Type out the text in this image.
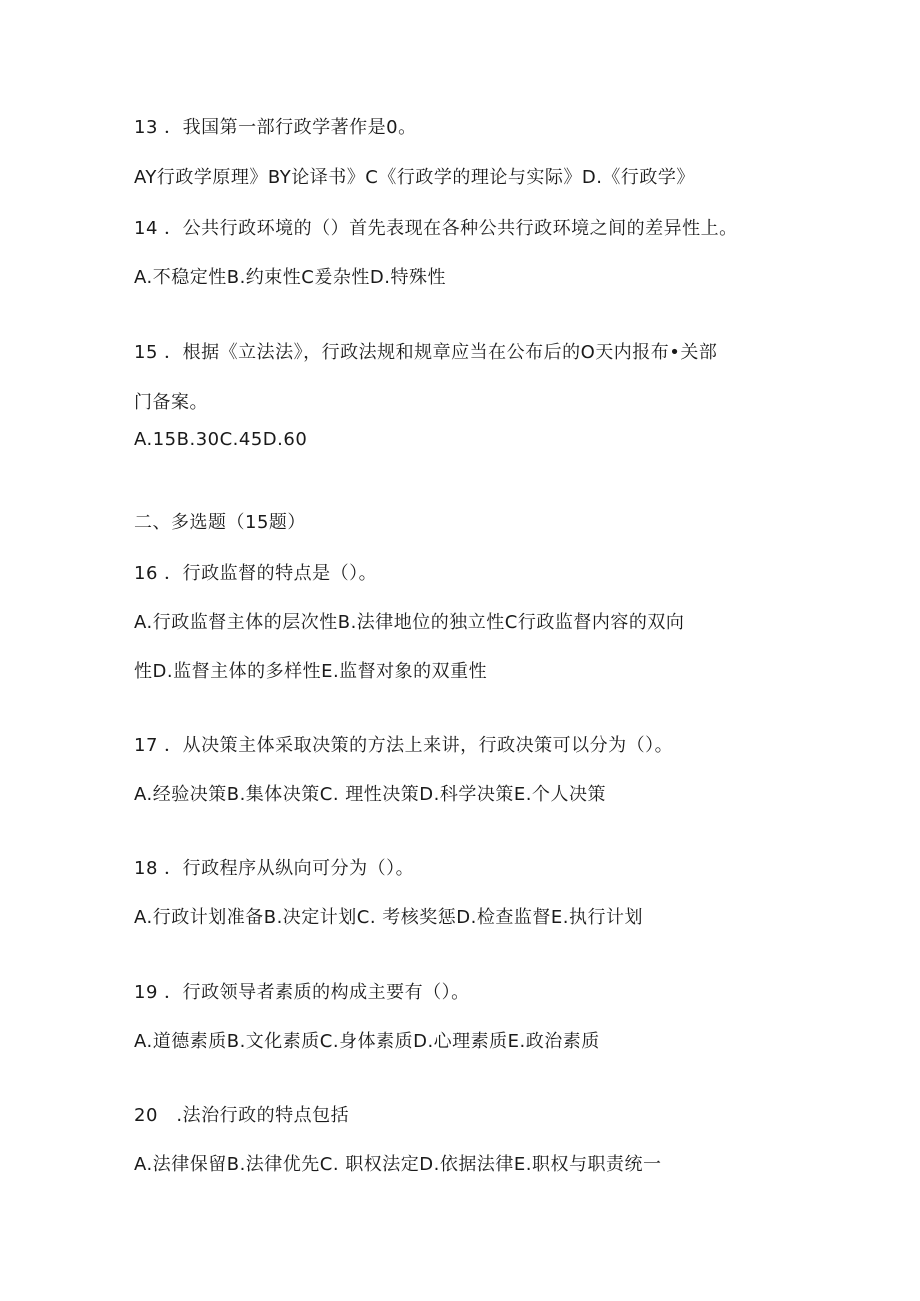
13 ．我国第一部行政学著作是0。
AY行政学原理》BY论译书》C《行政学的理论与实际》D.《行政学》
14 ．公共行政环境的（）首先表现在各种公共行政环境之间的差异性上。
A.不稳定性B.约束性C爰杂性D.特殊性
15 ．根据《立法法》，行政法规和规章应当在公布后的O天内报布•关部
门备案。
A.15B.30C.45D.60
二、多选题（15题）
16 ．行政监督的特点是（）。
A.行政监督主体的层次性B.法律地位的独立性C行政监督内容的双向
性D.监督主体的多样性E.监督对象的双重性
17 ．从决策主体采取决策的方法上来讲，行政决策可以分为（）。
A.经验决策B.集体决策C. 理性决策D.科学决策E.个人决策
18 ．行政程序从纵向可分为（）。
A.行政计划准备B.决定计划C. 考核奖惩D.检查监督E.执行计划
19 ．行政领导者素质的构成主要有（）。
A.道德素质B.文化素质C.身体素质D.心理素质E.政治素质
20　.法治行政的特点包括
A.法律保留B.法律优先C. 职权法定D.依据法律E.职权与职责统一
